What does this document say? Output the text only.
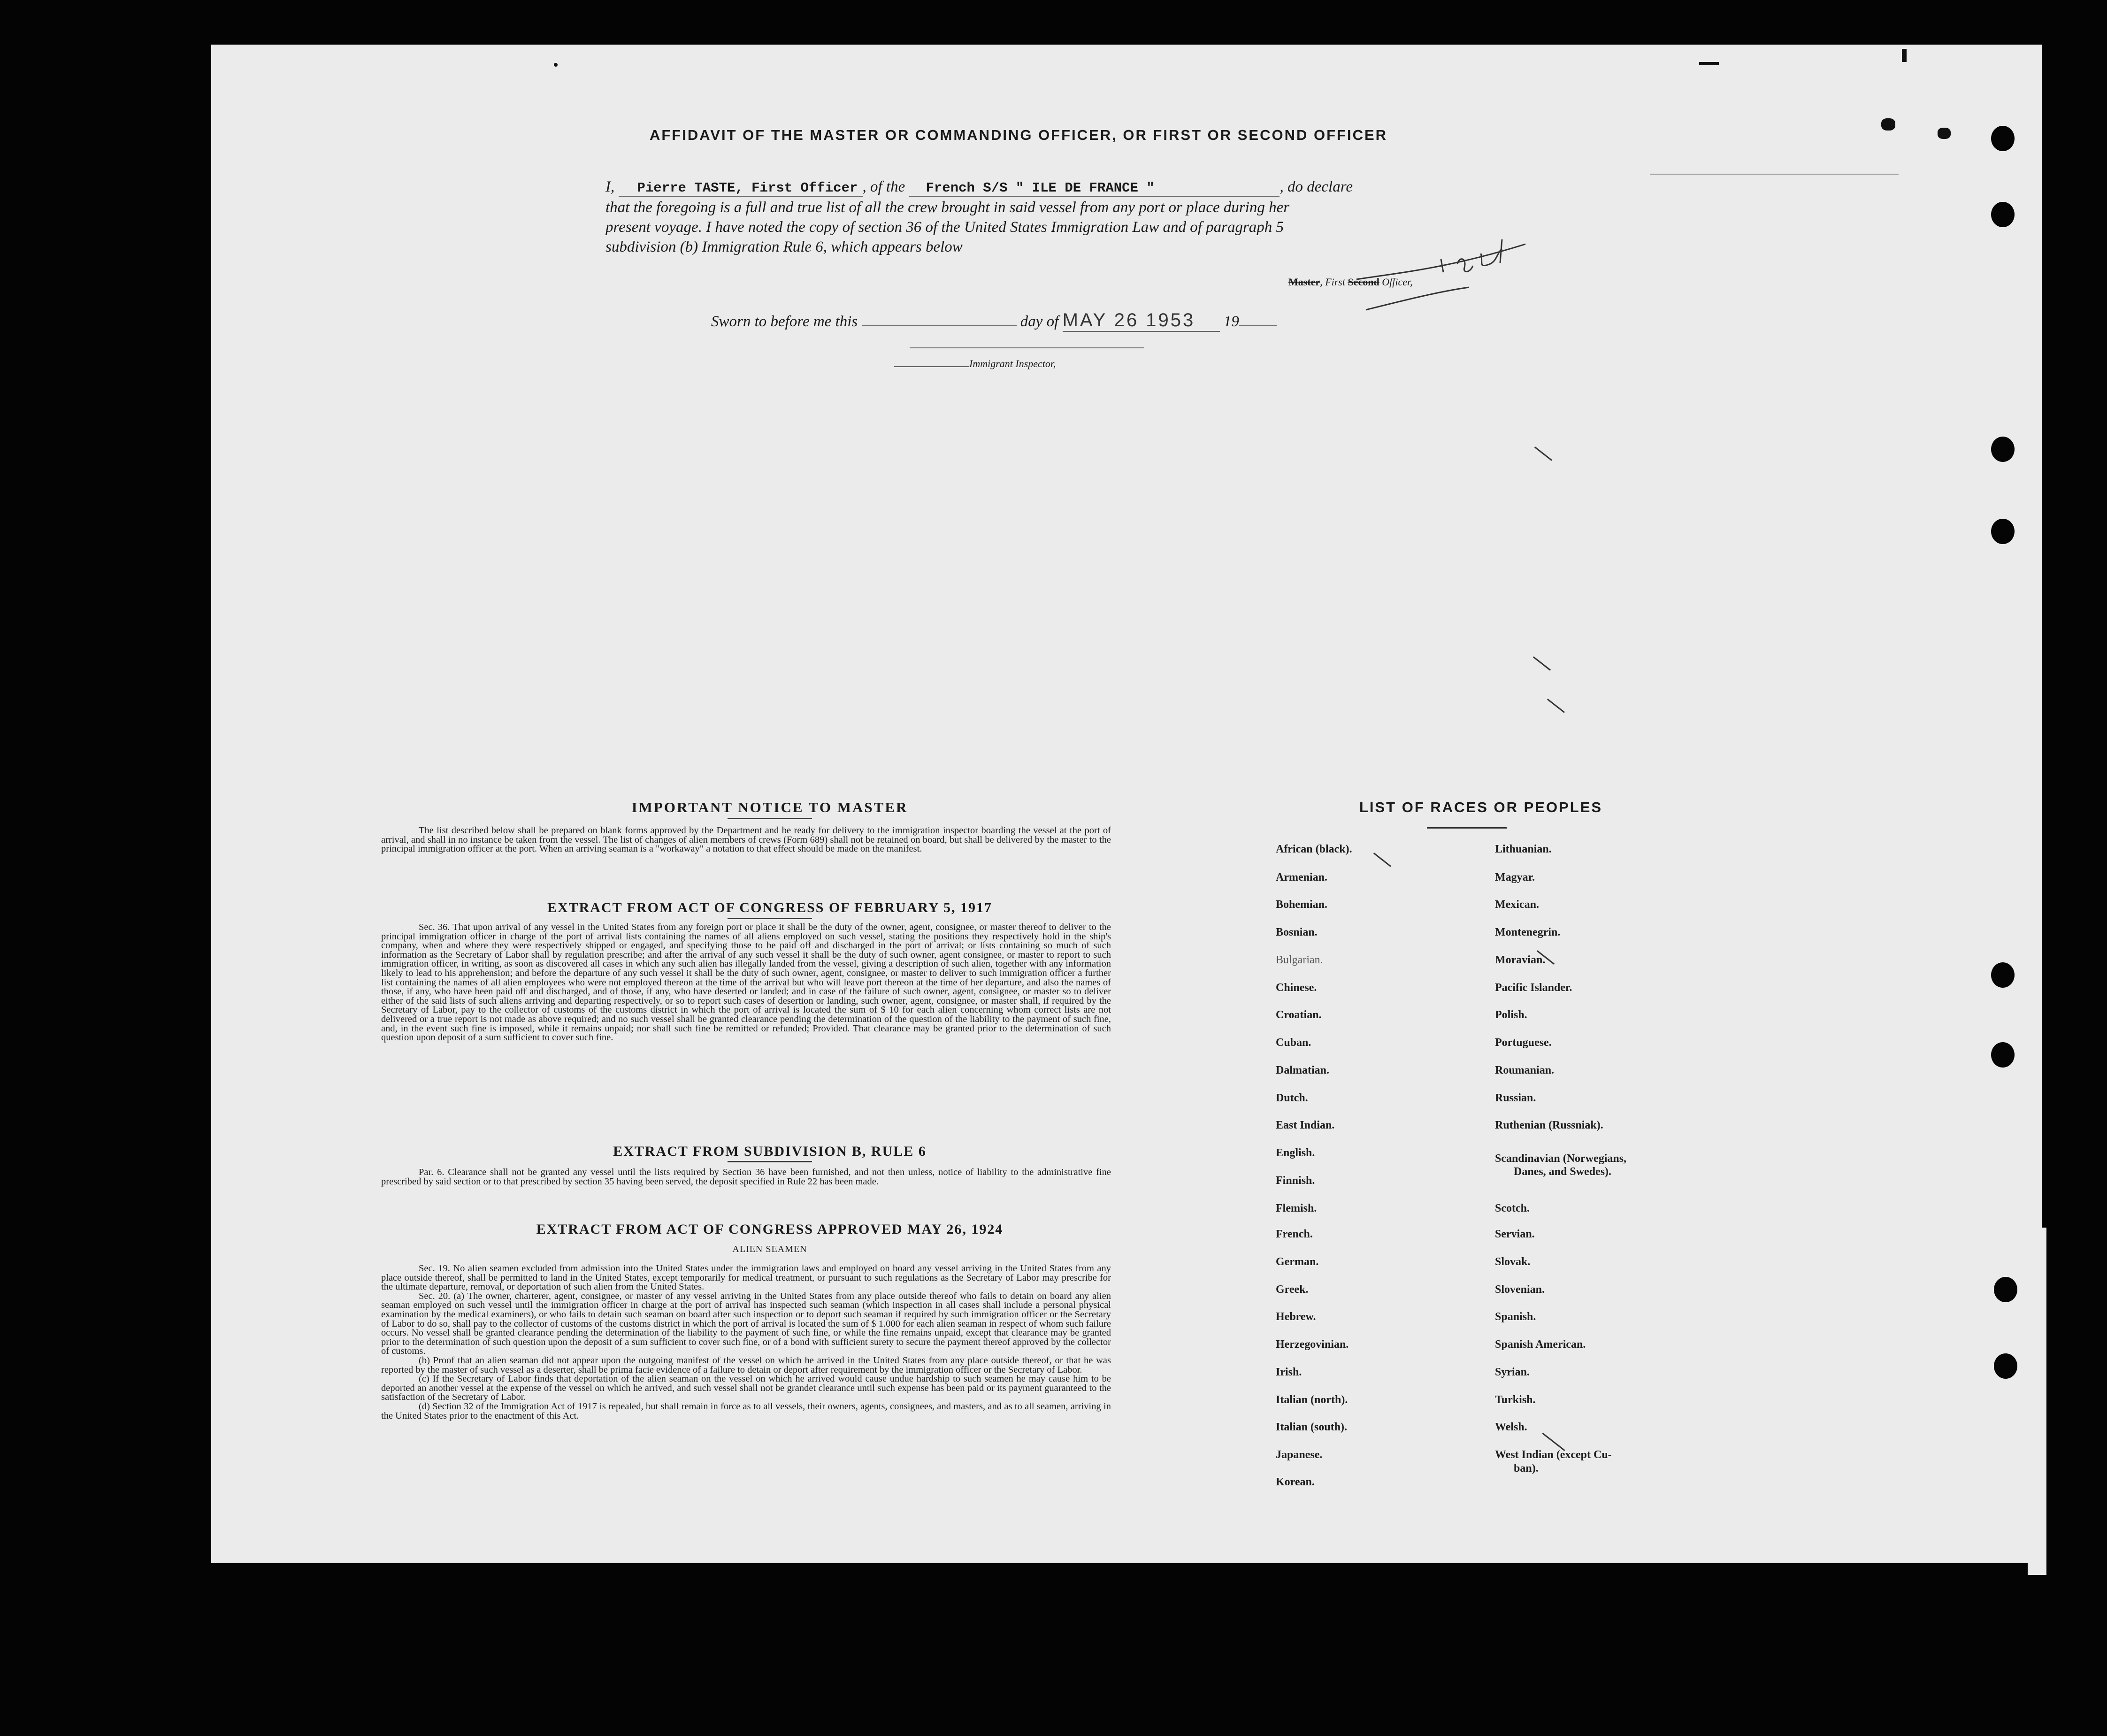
AFFIDAVIT OF THE MASTER OR COMMANDING OFFICER, OR FIRST OR SECOND OFFICER
I, Pierre TASTE, First Officer , of the French S/S " ILE DE FRANCE "	, do declare
that the foregoing is a full and true list of all the crew brought in said vessel from any port or place during her
present voyage. I have noted the copy of section 36 of the United States Immigration Law and of paragraph 5
subdivision (b) Immigration Rule 6, which appears below
Master, First Second Officer,
Sworn to before me this	day of MAY 26 1953 19
Immigrant Inspector,
IMPORTANT NOTICE TO MASTER

The list described below shall be prepared on blank forms approved by the Department and be ready for delivery to the immigration inspector boarding the vessel at the port of arrival, and shall in no instance be taken from the vessel. The list of changes of alien members of crews (Form 689) shall not be retained on board, but shall be delivered by the master to the principal immigration officer at the port. When an arriving seaman is a "workaway" a notation to that effect should be made on the manifest.

EXTRACT FROM ACT OF CONGRESS OF FEBRUARY 5, 1917

Sec. 36. That upon arrival of any vessel in the United States from any foreign port or place it shall be the duty of the owner, agent, consignee, or master thereof to deliver to the principal immigration officer in charge of the port of arrival lists containing the names of all aliens employed on such vessel, stating the positions they respectively hold in the ship's company, when and where they were respectively shipped or engaged, and specifying those to be paid off and discharged in the port of arrival; or lists containing so much of such information as the Secretary of Labor shall by regulation prescribe; and after the arrival of any such vessel it shall be the duty of such owner, agent consignee, or master to report to such immigration officer, in writing, as soon as discovered all cases in which any such alien has illegally landed from the vessel, giving a description of such alien, together with any information likely to lead to his apprehension; and before the departure of any such vessel it shall be the duty of such owner, agent, consignee, or master to deliver to such immigration officer a further list containing the names of all alien employees who were not employed thereon at the time of the arrival but who will leave port thereon at the time of her departure, and also the names of those, if any, who have been paid off and discharged, and of those, if any, who have deserted or landed; and in case of the failure of such owner, agent, consignee, or master so to deliver either of the said lists of such aliens arriving and departing respectively, or so to report such cases of desertion or landing, such owner, agent, consignee, or master shall, if required by the Secretary of Labor, pay to the collector of customs of the customs district in which the port of arrival is located the sum of $ 10 for each alien concerning whom correct lists are not delivered or a true report is not made as above required; and no such vessel shall be granted clearance pending the determination of the question of the liability to the payment of such fine, and, in the event such fine is imposed, while it remains unpaid; nor shall such fine be remitted or refunded; Provided. That clearance may be granted prior to the determination of such question upon deposit of a sum sufficient to cover such fine.

EXTRACT FROM SUBDIVISION B, RULE 6

Par. 6. Clearance shall not be granted any vessel until the lists required by Section 36 have been furnished, and not then unless, notice of liability to the administrative fine prescribed by said section or to that prescribed by section 35 having been served, the deposit specified in Rule 22 has been made.

EXTRACT FROM ACT OF CONGRESS APPROVED MAY 26, 1924
ALIEN SEAMEN

Sec. 19. No alien seamen excluded from admission into the United States under the immigration laws and employed on board any vessel arriving in the United States from any place outside thereof, shall be permitted to land in the United States, except temporarily for medical treatment, or pursuant to such regulations as the Secretary of Labor may prescribe for the ultimate departure, removal, or deportation of such alien from the United States.

Sec. 20. (a) The owner, charterer, agent, consignee, or master of any vessel arriving in the United States from any place outside thereof who fails to detain on board any alien seaman employed on such vessel until the immigration officer in charge at the port of arrival has inspected such seaman (which inspection in all cases shall include a personal physical examination by the medical examiners), or who fails to detain such seaman on board after such inspection or to deport such seaman if required by such immigration officer or the Secretary of Labor to do so, shall pay to the collector of customs of the customs district in which the port of arrival is located the sum of $ 1.000 for each alien seaman in respect of whom such failure occurs. No vessel shall be granted clearance pending the determination of the liability to the payment of such fine, or while the fine remains unpaid, except that clearance may be granted prior to the determination of such question upon the deposit of a sum sufficient to cover such fine, or of a bond with sufficient surety to secure the payment thereof approved by the collector of customs.

(b) Proof that an alien seaman did not appear upon the outgoing manifest of the vessel on which he arrived in the United States from any place outside thereof, or that he was reported by the master of such vessel as a deserter, shall be prima facie evidence of a failure to detain or deport after requirement by the immigration officer or the Secretary of Labor.

(c) If the Secretary of Labor finds that deportation of the alien seaman on the vessel on which he arrived would cause undue hardship to such seamen he may cause him to be deported an another vessel at the expense of the vessel on which he arrived, and such vessel shall not be grandet clearance until such expense has been paid or its payment guaranteed to the satisfaction of the Secretary of Labor.

(d) Section 32 of the Immigration Act of 1917 is repealed, but shall remain in force as to all vessels, their owners, agents, consignees, and masters, and as to all seamen, arriving in the United States prior to the enactment of this Act.

LIST OF RACES OR PEOPLES
African (black).
Armenian.
Bohemian.
Bosnian.
Bulgarian.
Chinese.
Croatian.
Cuban.
Dalmatian.
Dutch.
East Indian.
English.
Finnish.
Flemish.
French.
German.
Greek.
Hebrew.
Herzegovinian.
Irish.
Italian (north).
Italian (south).
Japanese.
Korean.
Lithuanian.
Magyar.
Mexican.
Montenegrin.
Moravian.
Pacific Islander.
Polish.
Portuguese.
Roumanian.
Russian.
Ruthenian (Russniak).
Scandinavian (Norwegians,
Danes, and Swedes).
Scotch.
Servian.
Slovak.
Slovenian.
Spanish.
Spanish American.
Syrian.
Turkish.
Welsh.
West Indian (except Cu-
ban).
